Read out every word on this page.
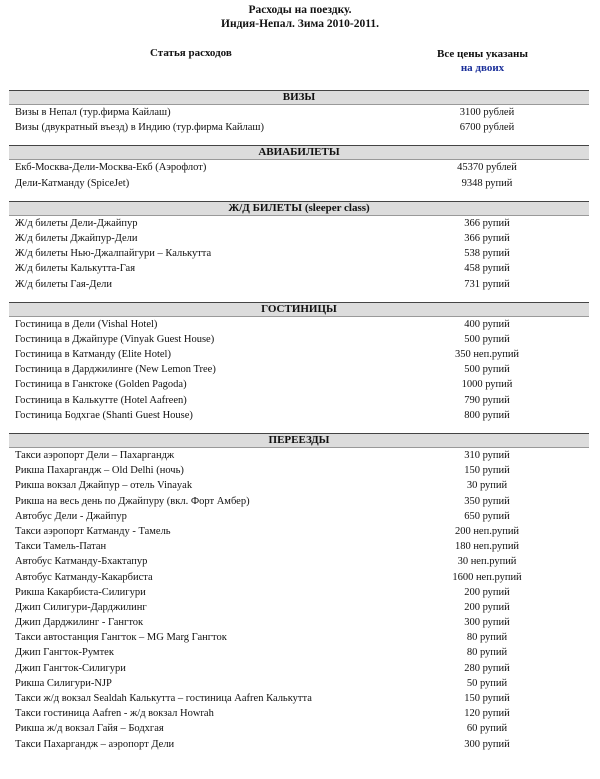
Расходы на поездку.
Индия-Непал. Зима 2010-2011.
Статья расходов	Все цены указаны
на двоих
ВИЗЫ
Визы в Непал (тур.фирма Кайлаш)	3100 рублей
Визы (двукратный въезд) в Индию (тур.фирма Кайлаш)	6700 рублей
АВИАБИЛЕТЫ
Екб-Москва-Дели-Москва-Екб (Аэрофлот)	45370 рублей
Дели-Катманду (SpiceJet)	9348 рупий
Ж/Д БИЛЕТЫ (sleeper class)
Ж/д билеты Дели-Джайпур	366 рупий
Ж/д билеты Джайпур-Дели	366 рупий
Ж/д билеты Нью-Джалпайгури – Калькутта	538 рупий
Ж/д билеты Калькутта-Гая	458 рупий
Ж/д билеты Гая-Дели	731 рупий
ГОСТИНИЦЫ
Гостиница в Дели (Vishal Hotel)	400 рупий
Гостиница в Джайпуре (Vinyak Guest House)	500 рупий
Гостиница в Катманду (Elite Hotel)	350 неп.рупий
Гостиница в Дарджилинге (New Lemon Tree)	500 рупий
Гостиница в Ганктоке (Golden Pagoda)	1000 рупий
Гостиница в Калькутте (Hotel Aafreen)	790 рупий
Гостиница Бодхгае (Shanti Guest House)	800 рупий
ПЕРЕЕЗДЫ
Такси аэропорт Дели – Пахаргандж	310 рупий
Рикша Пахаргандж – Old Delhi (ночь)	150 рупий
Рикша вокзал Джайпур – отель Vinayak	30 рупий
Рикша на весь день по Джайпуру (вкл. Форт Амбер)	350 рупий
Автобус Дели - Джайпур	650 рупий
Такси аэропорт Катманду - Тамель	200 неп.рупий
Такси Тамель-Патан	180 неп.рупий
Автобус Катманду-Бхактапур	30 неп.рупий
Автобус Катманду-Какарбиста	1600 неп.рупий
Рикша Какарбиста-Силигури	200 рупий
Джип Силигури-Дарджилинг	200 рупий
Джип Дарджилинг - Гангток	300 рупий
Такси автостанция Гангток – MG Marg Гангток	80 рупий
Джип Гангток-Румтек	80 рупий
Джип Гангток-Силигури	280 рупий
Рикша Силигури-NJP	50 рупий
Такси ж/д вокзал Sealdah Калькутта – гостиница Aafren Калькутта	150 рупий
Такси гостиница Aafren - ж/д вокзал Howrah	120 рупий
Рикша ж/д вокзал Гайя – Бодхгая	60 рупий
Такси Пахаргандж – аэропорт Дели	300 рупий
